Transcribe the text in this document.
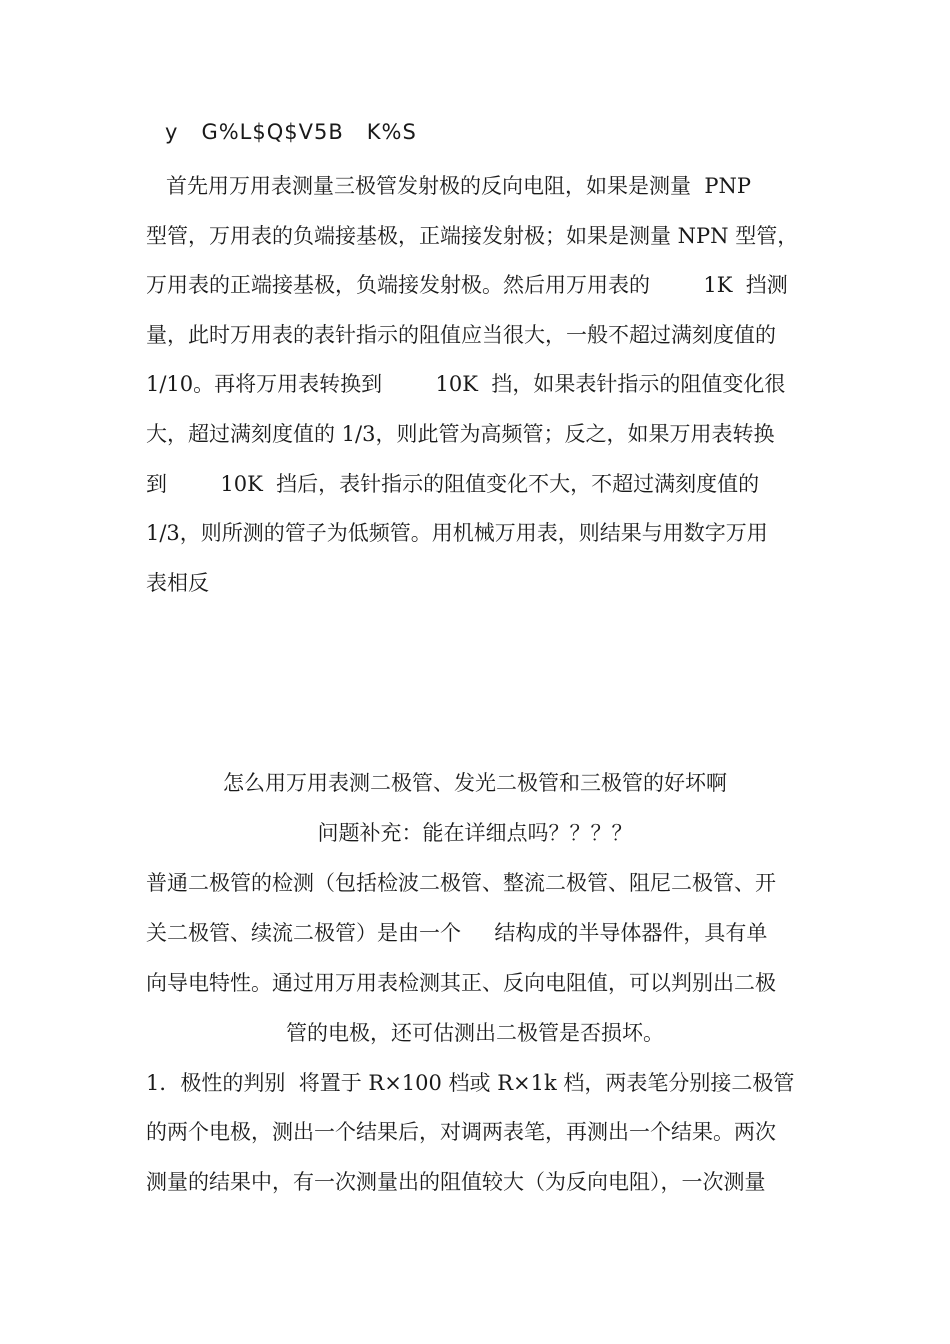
y   G%L$Q$V5B   K%S
首先用万用表测量三极管发射极的反向电阻，如果是测量  PNP
型管，万用表的负端接基极，正端接发射极；如果是测量 NPN 型管，
万用表的正端接基极，负端接发射极。然后用万用表的        1K  挡测
量，此时万用表的表针指示的阻值应当很大，一般不超过满刻度值的
1/10。再将万用表转换到        10K  挡，如果表针指示的阻值变化很
大，超过满刻度值的 1/3，则此管为高频管；反之，如果万用表转换
到        10K  挡后，表针指示的阻值变化不大，不超过满刻度值的
1/3，则所测的管子为低频管。用机械万用表，则结果与用数字万用
表相反
怎么用万用表测二极管、发光二极管和三极管的好坏啊
问题补充：能在详细点吗？？？？
普通二极管的检测（包括检波二极管、整流二极管、阻尼二极管、开
关二极管、续流二极管）是由一个     结构成的半导体器件，具有单
向导电特性。通过用万用表检测其正、反向电阻值，可以判别出二极
管的电极，还可估测出二极管是否损坏。
1．极性的判别  将置于 R×100 档或 R×1k 档，两表笔分别接二极管
的两个电极，测出一个结果后，对调两表笔，再测出一个结果。两次
测量的结果中，有一次测量出的阻值较大（为反向电阻），一次测量
